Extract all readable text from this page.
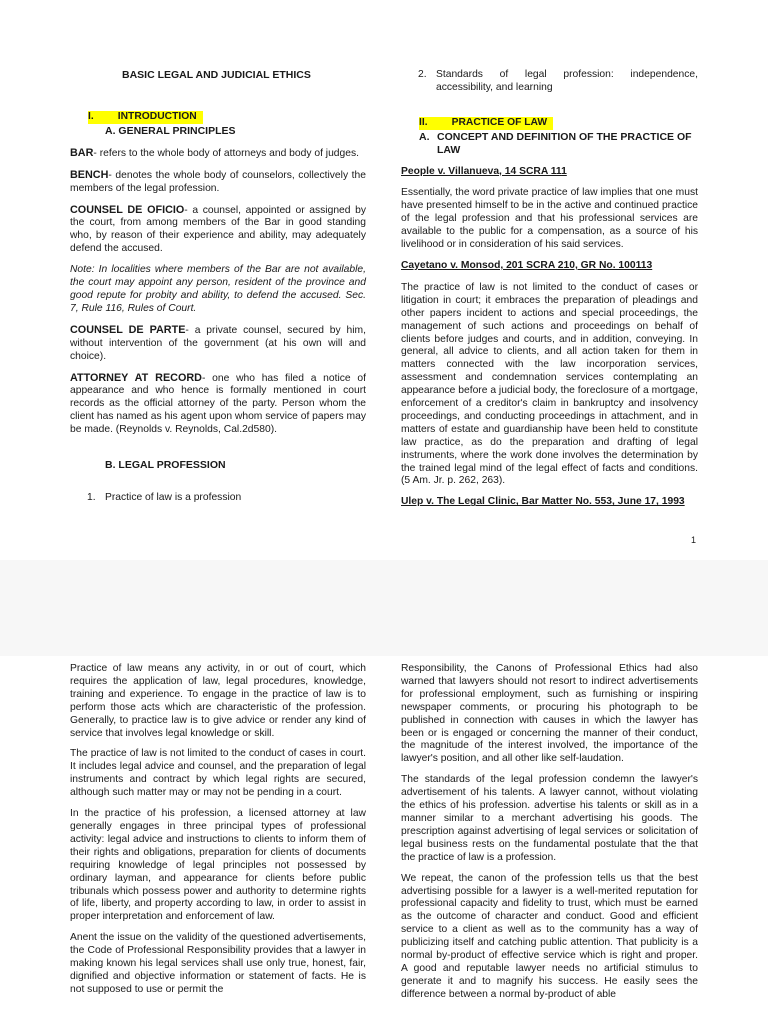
BASIC LEGAL AND JUDICIAL ETHICS
I. INTRODUCTION
A. GENERAL PRINCIPLES

BAR- refers to the whole body of attorneys and body of judges.

BENCH- denotes the whole body of counselors, collectively the members of the legal profession.

COUNSEL DE OFICIO- a counsel, appointed or assigned by the court, from among members of the Bar in good standing who, by reason of their experience and ability, may adequately defend the accused.

Note: In localities where members of the Bar are not available, the court may appoint any person, resident of the province and good repute for probity and ability, to defend the accused. Sec. 7, Rule 116, Rules of Court.

COUNSEL DE PARTE- a private counsel, secured by him, without intervention of the government (at his own will and choice).

ATTORNEY AT RECORD- one who has filed a notice of appearance and who hence is formally mentioned in court records as the official attorney of the party. Person whom the client has named as his agent upon whom service of papers may be made. (Reynolds v. Reynolds, Cal.2d580).

B. LEGAL PROFESSION
1. Practice of law is a profession
2. Standards of legal profession: independence, accessibility, and learning
II. PRACTICE OF LAW
A. CONCEPT AND DEFINITION OF THE PRACTICE OF LAW
People v. Villanueva, 14 SCRA 111

Essentially, the word private practice of law implies that one must have presented himself to be in the active and continued practice of the legal profession and that his professional services are available to the public for a compensation, as a source of his livelihood or in consideration of his said services.

Cayetano v. Monsod, 201 SCRA 210, GR No. 100113

The practice of law is not limited to the conduct of cases or litigation in court; it embraces the preparation of pleadings and other papers incident to actions and special proceedings, the management of such actions and proceedings on behalf of clients before judges and courts, and in addition, conveying. In general, all advice to clients, and all action taken for them in matters connected with the law incorporation services, assessment and condemnation services contemplating an appearance before a judicial body, the foreclosure of a mortgage, enforcement of a creditor's claim in bankruptcy and insolvency proceedings, and conducting proceedings in attachment, and in matters of estate and guardianship have been held to constitute law practice, as do the preparation and drafting of legal instruments, where the work done involves the determination by the trained legal mind of the legal effect of facts and conditions. (5 Am. Jr. p. 262, 263).

Ulep v. The Legal Clinic, Bar Matter No. 553, June 17, 1993
1

Practice of law means any activity, in or out of court, which requires the application of law, legal procedures, knowledge, training and experience. To engage in the practice of law is to perform those acts which are characteristic of the profession. Generally, to practice law is to give advice or render any kind of service that involves legal knowledge or skill.

The practice of law is not limited to the conduct of cases in court. It includes legal advice and counsel, and the preparation of legal instruments and contract by which legal rights are secured, although such matter may or may not be pending in a court.

In the practice of his profession, a licensed attorney at law generally engages in three principal types of professional activity: legal advice and instructions to clients to inform them of their rights and obligations, preparation for clients of documents requiring knowledge of legal principles not possessed by ordinary layman, and appearance for clients before public tribunals which possess power and authority to determine rights of life, liberty, and property according to law, in order to assist in proper interpretation and enforcement of law.

Anent the issue on the validity of the questioned advertisements, the Code of Professional Responsibility provides that a lawyer in making known his legal services shall use only true, honest, fair, dignified and objective information or statement of facts. He is not supposed to use or permit the

Responsibility, the Canons of Professional Ethics had also warned that lawyers should not resort to indirect advertisements for professional employment, such as furnishing or inspiring newspaper comments, or procuring his photograph to be published in connection with causes in which the lawyer has been or is engaged or concerning the manner of their conduct, the magnitude of the interest involved, the importance of the lawyer's position, and all other like self-laudation.

The standards of the legal profession condemn the lawyer's advertisement of his talents. A lawyer cannot, without violating the ethics of his profession. advertise his talents or skill as in a manner similar to a merchant advertising his goods. The prescription against advertising of legal services or solicitation of legal business rests on the fundamental postulate that the that the practice of law is a profession.

We repeat, the canon of the profession tells us that the best advertising possible for a lawyer is a well-merited reputation for professional capacity and fidelity to trust, which must be earned as the outcome of character and conduct. Good and efficient service to a client as well as to the community has a way of publicizing itself and catching public attention. That publicity is a normal by-product of effective service which is right and proper. A good and reputable lawyer needs no artificial stimulus to generate it and to magnify his success. He easily sees the difference between a normal by-product of able
